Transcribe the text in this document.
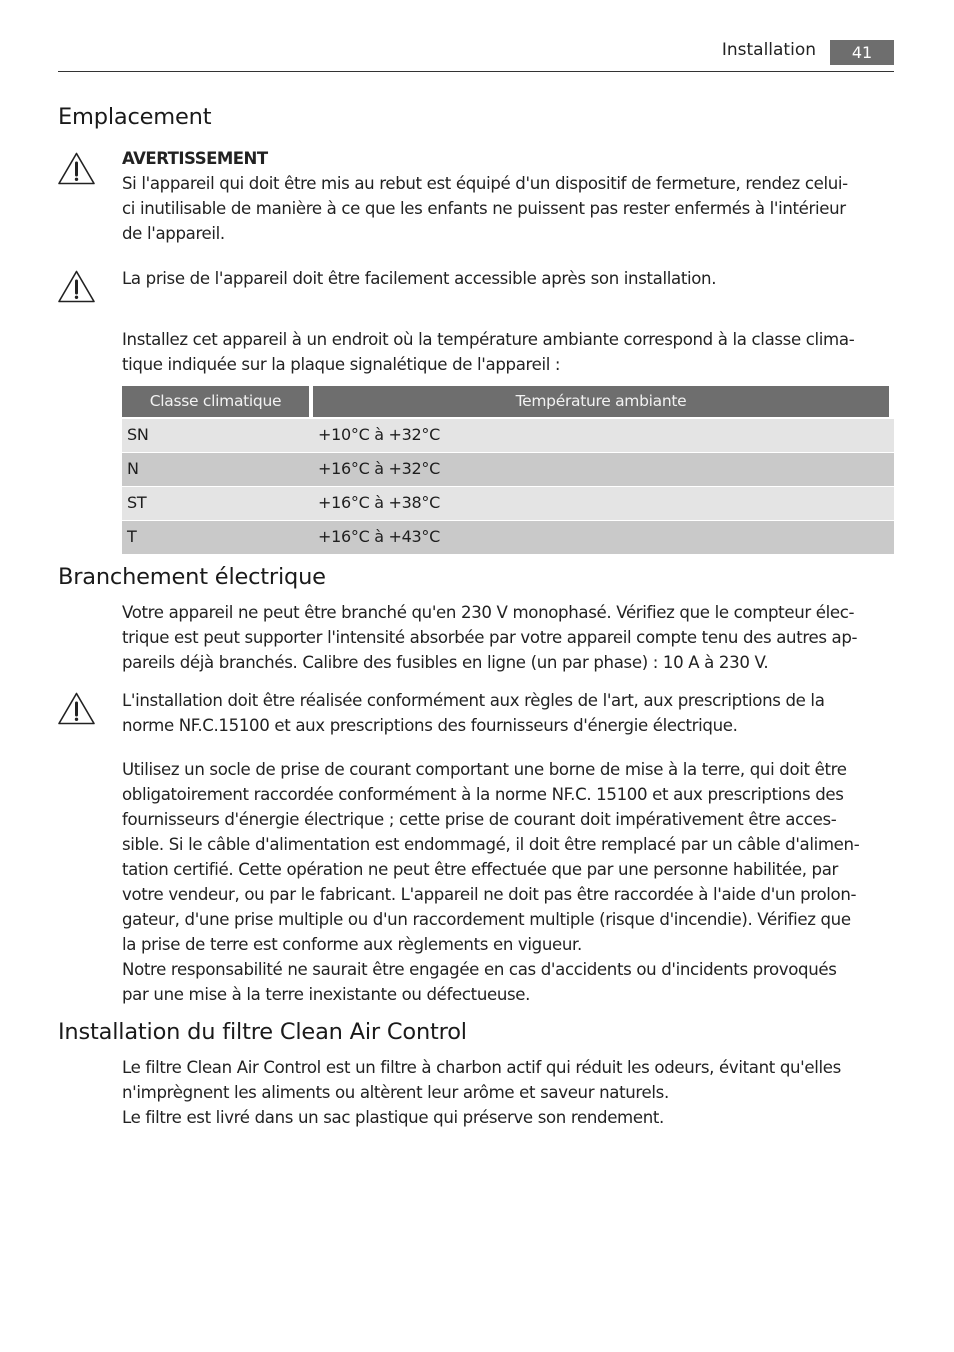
Installation	41
Emplacement
AVERTISSEMENT
Si l'appareil qui doit être mis au rebut est équipé d'un dispositif de fermeture, rendez celui-
ci inutilisable de manière à ce que les enfants ne puissent pas rester enfermés à l'intérieur
de l'appareil.
La prise de l'appareil doit être facilement accessible après son installation.
Installez cet appareil à un endroit où la température ambiante correspond à la classe clima-
tique indiquée sur la plaque signalétique de l'appareil :
Classe climatique	Température ambiante
SN	+10°C à +32°C
N	+16°C à +32°C
ST	+16°C à +38°C
T	+16°C à +43°C
Branchement électrique
Votre appareil ne peut être branché qu'en 230 V monophasé. Vérifiez que le compteur élec-
trique est peut supporter l'intensité absorbée par votre appareil compte tenu des autres ap-
pareils déjà branchés. Calibre des fusibles en ligne (un par phase) : 10 A à 230 V.
L'installation doit être réalisée conformément aux règles de l'art, aux prescriptions de la
norme NF.C.15100 et aux prescriptions des fournisseurs d'énergie électrique.
Utilisez un socle de prise de courant comportant une borne de mise à la terre, qui doit être
obligatoirement raccordée conformément à la norme NF.C. 15100 et aux prescriptions des
fournisseurs d'énergie électrique ; cette prise de courant doit impérativement être acces-
sible. Si le câble d'alimentation est endommagé, il doit être remplacé par un câble d'alimen-
tation certifié. Cette opération ne peut être effectuée que par une personne habilitée, par
votre vendeur, ou par le fabricant. L'appareil ne doit pas être raccordée à l'aide d'un prolon-
gateur, d'une prise multiple ou d'un raccordement multiple (risque d'incendie). Vérifiez que
la prise de terre est conforme aux règlements en vigueur.
Notre responsabilité ne saurait être engagée en cas d'accidents ou d'incidents provoqués
par une mise à la terre inexistante ou défectueuse.
Installation du filtre Clean Air Control
Le filtre Clean Air Control est un filtre à charbon actif qui réduit les odeurs, évitant qu'elles
n'imprègnent les aliments ou altèrent leur arôme et saveur naturels.
Le filtre est livré dans un sac plastique qui préserve son rendement.
